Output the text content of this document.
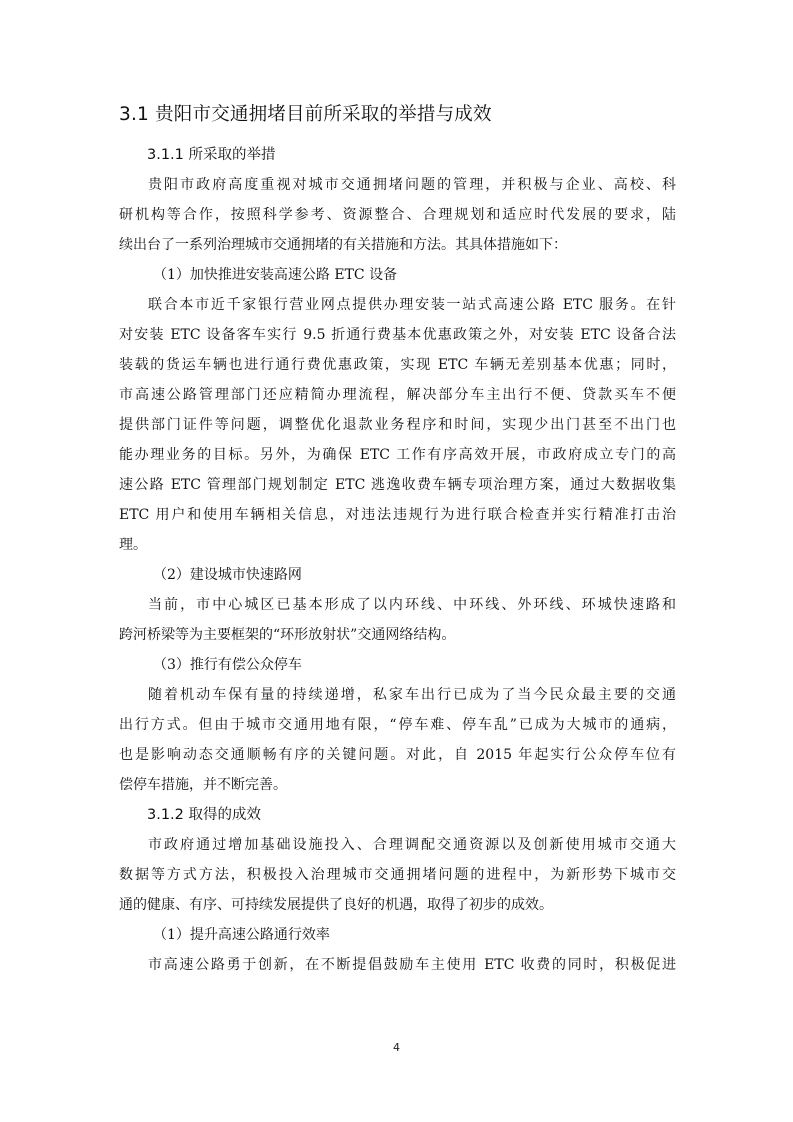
3.1 贵阳市交通拥堵目前所采取的举措与成效
3.1.1 所采取的举措
贵阳市政府高度重视对城市交通拥堵问题的管理，并积极与企业、高校、科
研机构等合作，按照科学参考、资源整合、合理规划和适应时代发展的要求，陆
续出台了一系列治理城市交通拥堵的有关措施和方法。其具体措施如下：
（1）加快推进安装高速公路 ETC 设备
联合本市近千家银行营业网点提供办理安装一站式高速公路 ETC 服务。在针
对安装 ETC 设备客车实行 9.5 折通行费基本优惠政策之外，对安装 ETC 设备合法
装载的货运车辆也进行通行费优惠政策，实现 ETC 车辆无差别基本优惠；同时，
市高速公路管理部门还应精简办理流程，解决部分车主出行不便、贷款买车不便
提供部门证件等问题，调整优化退款业务程序和时间，实现少出门甚至不出门也
能办理业务的目标。另外，为确保 ETC 工作有序高效开展，市政府成立专门的高
速公路 ETC 管理部门规划制定 ETC 逃逸收费车辆专项治理方案，通过大数据收集
ETC 用户和使用车辆相关信息，对违法违规行为进行联合检查并实行精准打击治
理。
（2）建设城市快速路网
当前，市中心城区已基本形成了以内环线、中环线、外环线、环城快速路和
跨河桥梁等为主要框架的“环形放射状”交通网络结构。
（3）推行有偿公众停车
随着机动车保有量的持续递增，私家车出行已成为了当今民众最主要的交通
出行方式。但由于城市交通用地有限，“停车难、停车乱”已成为大城市的通病，
也是影响动态交通顺畅有序的关键问题。对此，自 2015 年起实行公众停车位有
偿停车措施，并不断完善。
3.1.2 取得的成效
市政府通过增加基础设施投入、合理调配交通资源以及创新使用城市交通大
数据等方式方法，积极投入治理城市交通拥堵问题的进程中，为新形势下城市交
通的健康、有序、可持续发展提供了良好的机遇，取得了初步的成效。
（1）提升高速公路通行效率
市高速公路勇于创新，在不断提倡鼓励车主使用 ETC 收费的同时，积极促进
4
